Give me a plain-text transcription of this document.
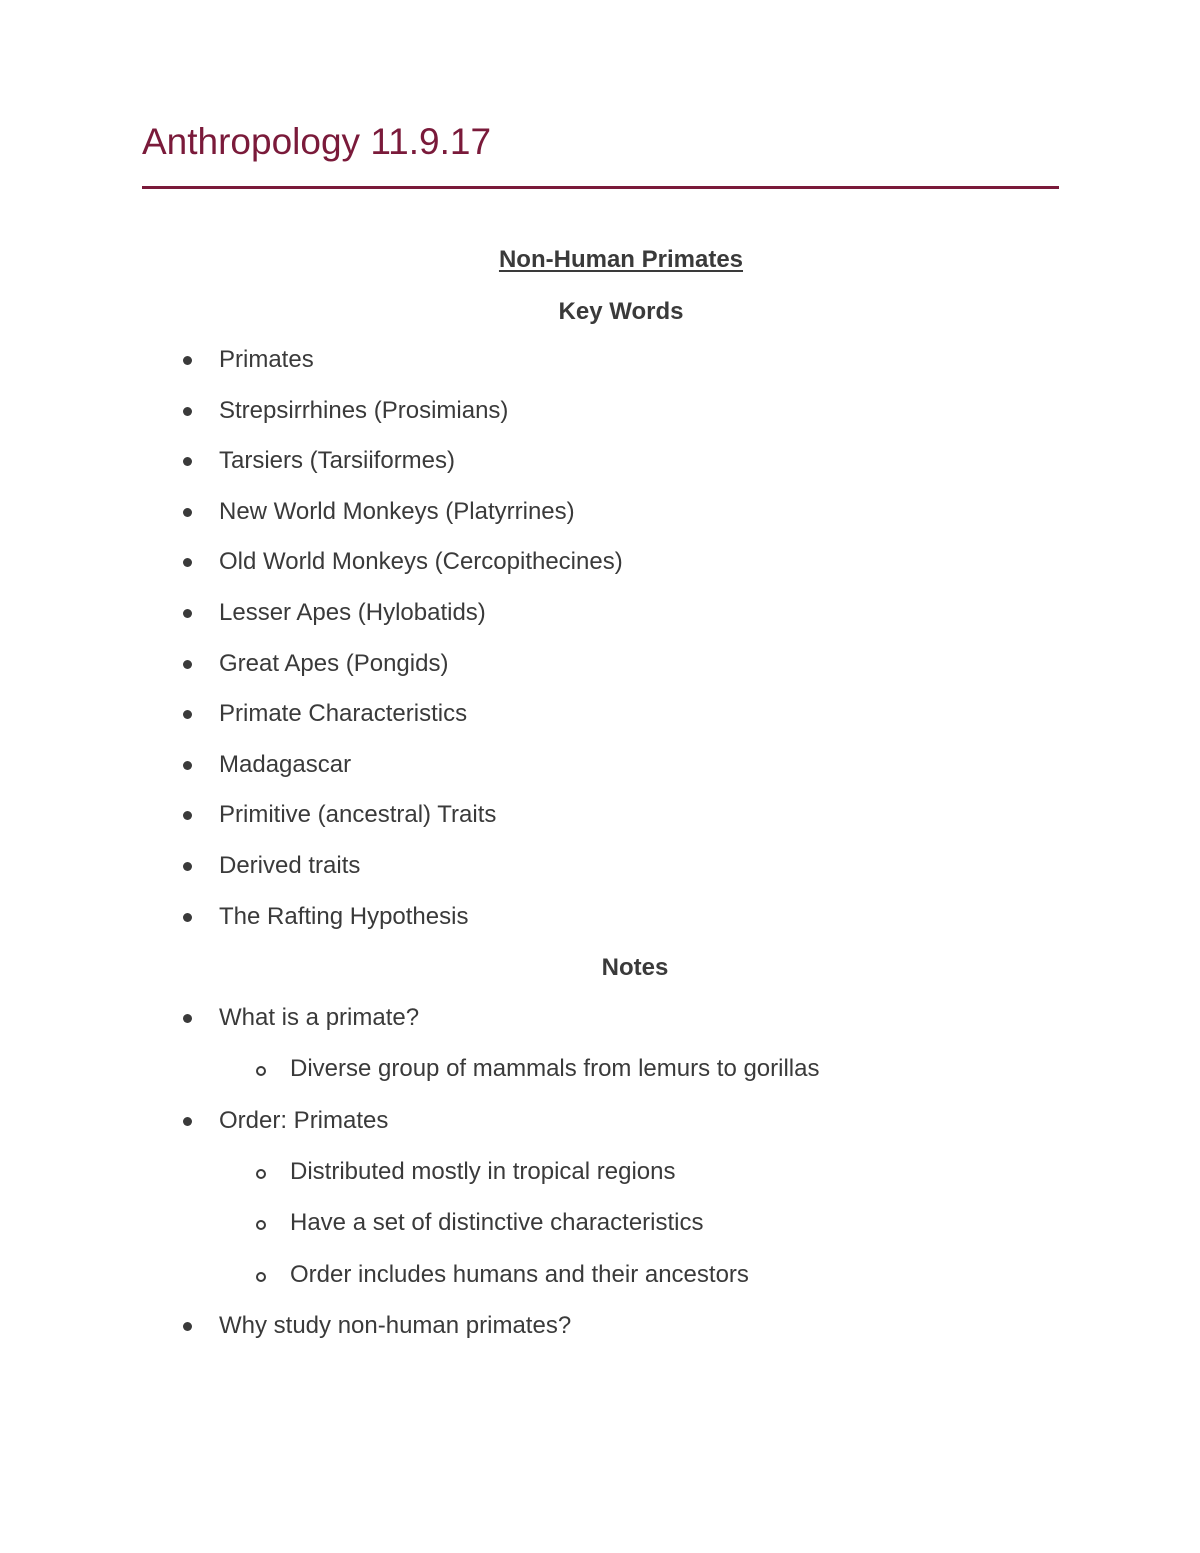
Anthropology 11.9.17
Non-Human Primates
Key Words
Primates
Strepsirrhines (Prosimians)
Tarsiers (Tarsiiformes)
New World Monkeys (Platyrrines)
Old World Monkeys (Cercopithecines)
Lesser Apes (Hylobatids)
Great Apes (Pongids)
Primate Characteristics
Madagascar
Primitive (ancestral) Traits
Derived traits
The Rafting Hypothesis
Notes
What is a primate?
Diverse group of mammals from lemurs to gorillas
Order: Primates
Distributed mostly in tropical regions
Have a set of distinctive characteristics
Order includes humans and their ancestors
Why study non-human primates?
